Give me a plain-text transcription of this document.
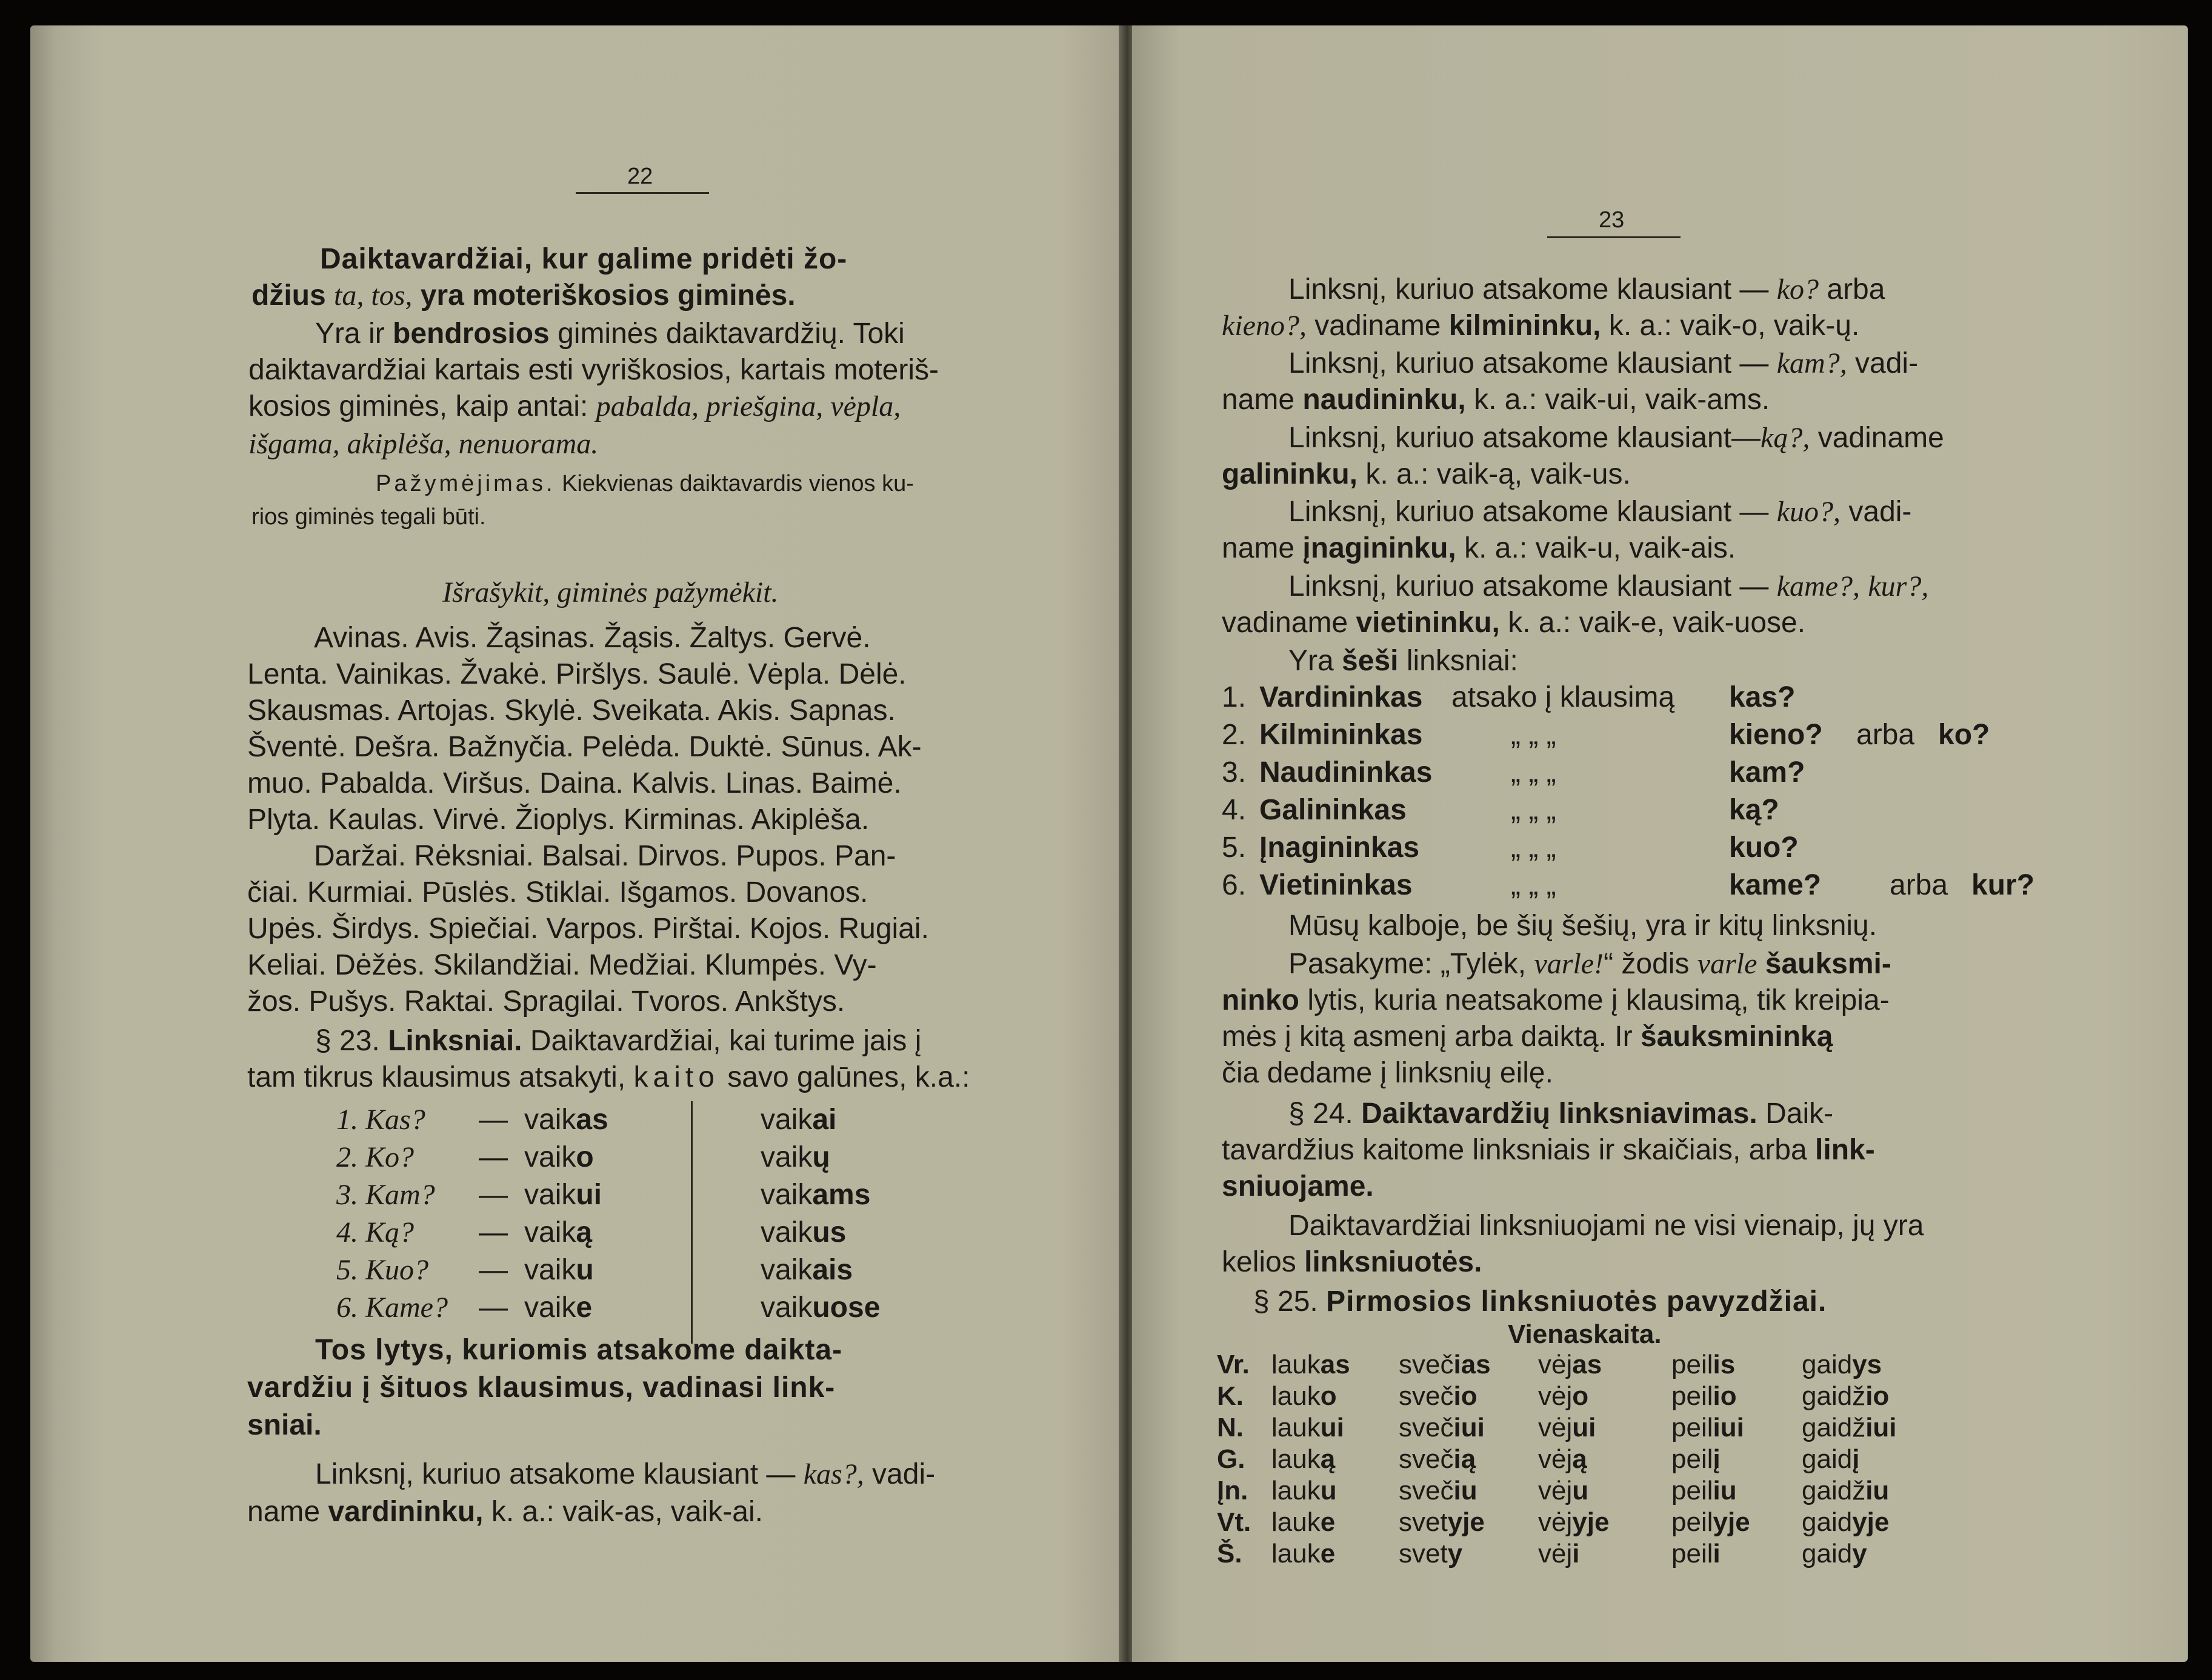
22
Daiktavardžiai, kur galime pridėti žo-
džius ta, tos, yra moteriškosios giminės.
Yra ir bendrosios giminės daiktavardžių. Toki
daiktavardžiai kartais esti vyriškosios, kartais moteriš-
kosios giminės, kaip antai: pabalda, priešgina, vėpla,
išgama, akiplėša, nenuorama.
Pažymėjimas. Kiekvienas daiktavardis vienos ku-
rios giminės tegali būti.
Išrašykit, giminės pažymėkit.
Avinas. Avis. Žąsinas. Žąsis. Žaltys. Gervė.
Lenta. Vainikas. Žvakė. Piršlys. Saulė. Vėpla. Dėlė.
Skausmas. Artojas. Skylė. Sveikata. Akis. Sapnas.
Šventė. Dešra. Bažnyčia. Pelėda. Duktė. Sūnus. Ak-
muo. Pabalda. Viršus. Daina. Kalvis. Linas. Baimė.
Plyta. Kaulas. Virvė. Žioplys. Kirminas. Akiplėša.
Daržai. Rėksniai. Balsai. Dirvos. Pupos. Pan-
čiai. Kurmiai. Pūslės. Stiklai. Išgamos. Dovanos.
Upės. Širdys. Spiečiai. Varpos. Pirštai. Kojos. Rugiai.
Keliai. Dėžės. Skilandžiai. Medžiai. Klumpės. Vy-
žos. Pušys. Raktai. Spragilai. Tvoros. Ankštys.
§ 23. Linksniai. Daiktavardžiai, kai turime jais į
tam tikrus klausimus atsakyti, kaito savo galūnes, k.a.:
1. Kas? — vaikas	vaikai
2. Ko? — vaiko	vaikų
3. Kam? — vaikui	vaikams
4. Ką? — vaiką	vaikus
5. Kuo? — vaiku	vaikais
6. Kame? — vaike	vaikuose
Tos lytys, kuriomis atsakome daikta-
vardžiu į šituos klausimus, vadinasi link-
sniai.
Linksnį, kuriuo atsakome klausiant — kas?, vadi-
name vardininku, k. a.: vaik-as, vaik-ai.
23
Linksnį, kuriuo atsakome klausiant — ko? arba
kieno?, vadiname kilmininku, k. a.: vaik-o, vaik-ų.
Linksnį, kuriuo atsakome klausiant — kam?, vadi-
name naudininku, k. a.: vaik-ui, vaik-ams.
Linksnį, kuriuo atsakome klausiant—ką?, vadiname
galininku, k. a.: vaik-ą, vaik-us.
Linksnį, kuriuo atsakome klausiant — kuo?, vadi-
name įnagininku, k. a.: vaik-u, vaik-ais.
Linksnį, kuriuo atsakome klausiant — kame?, kur?,
vadiname vietininku, k. a.: vaik-e, vaik-uose.
Yra šeši linksniai:
1. Vardininkas atsako į klausimą kas?
2. Kilmininkas	„ „ „	kieno? arba ko?
3. Naudininkas	„ „ „	kam?
4. Galininkas	„ „ „	ką?
5. Įnagininkas	„ „ „	kuo?
6. Vietininkas	„ „ „	kame? arba kur?
Mūsų kalboje, be šių šešių, yra ir kitų linksnių.
Pasakyme: „Tylėk, varle!“ žodis varle šauksmi-
ninko lytis, kuria neatsakome į klausimą, tik kreipia-
mės į kitą asmenį arba daiktą. Ir šauksmininką
čia dedame į linksnių eilę.
§ 24. Daiktavardžių linksniavimas. Daik-
tavardžius kaitome linksniais ir skaičiais, arba link-
sniuojame.
Daiktavardžiai linksniuojami ne visi vienaip, jų yra
kelios linksniuotės.
§ 25. Pirmosios linksniuotės pavyzdžiai.
Vienaskaita.
Vr. laukas svečias vėjas	peilis gaidys
K. lauko svečio vėjo	peilio gaidžio
N. laukui svečiui vėjui	peiliui gaidžiui
G. lauką svečią vėją	peilį	gaidį
Įn. lauku svečiu vėju	peiliu gaidžiu
Vt. lauke svetyje vėjyje peilyje gaidyje
Š. lauke svety	vėji	peili	gaidy
